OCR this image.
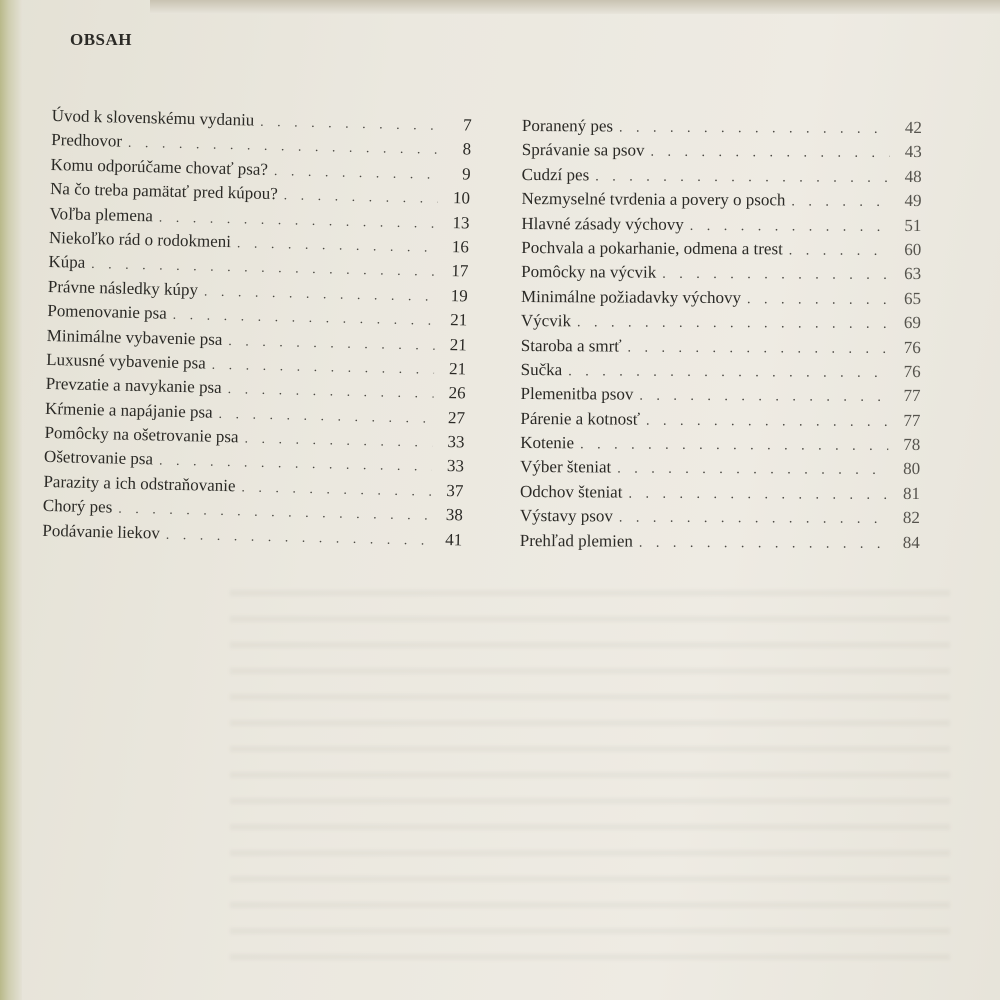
OBSAH
Úvod k slovenskému vydaniu . . .	7
Predhovor . . .	8
Komu odporúčame chovať psa? . . .	9
Na čo treba pamätať pred kúpou? . . .	10
Voľba plemena . . .	13
Niekoľko rád o rodokmeni . . .	16
Kúpa . . .	17
Právne následky kúpy . . .	19
Pomenovanie psa . . .	21
Minimálne vybavenie psa . . .	21
Luxusné vybavenie psa . . .	21
Prevzatie a navykanie psa . . .	26
Kŕmenie a napájanie psa . . .	27
Pomôcky na ošetrovanie psa . . .	33
Ošetrovanie psa . . .	33
Parazity a ich odstraňovanie . . .	37
Chorý pes . . .	38
Podávanie liekov . . .	41
Poranený pes . . .	42
Správanie sa psov . . .	43
Cudzí pes . . .	48
Nezmyselné tvrdenia a povery o psoch . . .	49
Hlavné zásady výchovy . . .	51
Pochvala a pokarhanie, odmena a trest . . .	60
Pomôcky na výcvik . . .	63
Minimálne požiadavky výchovy . . .	65
Výcvik . . .	69
Staroba a smrť . . .	76
Sučka . . .	76
Plemenitba psov . . .	77
Párenie a kotnosť . . .	77
Kotenie . . .	78
Výber šteniat . . .	80
Odchov šteniat . . .	81
Výstavy psov . . .	82
Prehľad plemien . . .	84
